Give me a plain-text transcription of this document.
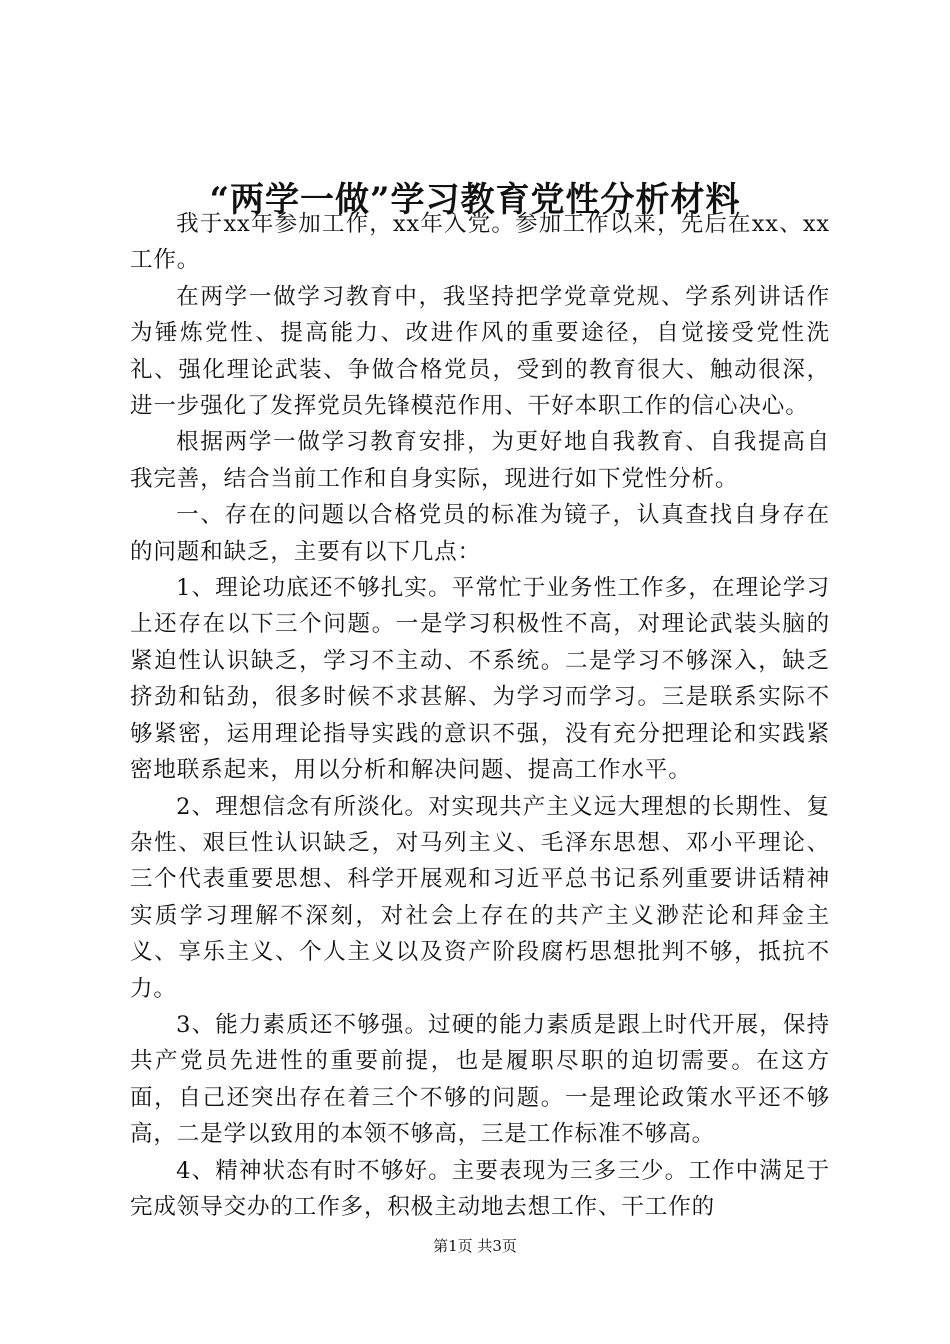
“两学一做”学习教育党性分析材料

我于xx年参加工作，xx年入党。参加工作以来，先后在xx、xx工作。

在两学一做学习教育中，我坚持把学党章党规、学系列讲话作为锤炼党性、提高能力、改进作风的重要途径，自觉接受党性洗礼、强化理论武装、争做合格党员，受到的教育很大、触动很深，进一步强化了发挥党员先锋模范作用、干好本职工作的信心决心。

根据两学一做学习教育安排，为更好地自我教育、自我提高自我完善，结合当前工作和自身实际，现进行如下党性分析。

一、存在的问题以合格党员的标准为镜子，认真查找自身存在的问题和缺乏，主要有以下几点：

1、理论功底还不够扎实。平常忙于业务性工作多，在理论学习上还存在以下三个问题。一是学习积极性不高，对理论武装头脑的紧迫性认识缺乏，学习不主动、不系统。二是学习不够深入，缺乏挤劲和钻劲，很多时候不求甚解、为学习而学习。三是联系实际不够紧密，运用理论指导实践的意识不强，没有充分把理论和实践紧密地联系起来，用以分析和解决问题、提高工作水平。

2、理想信念有所淡化。对实现共产主义远大理想的长期性、复杂性、艰巨性认识缺乏，对马列主义、毛泽东思想、邓小平理论、三个代表重要思想、科学开展观和习近平总书记系列重要讲话精神实质学习理解不深刻，对社会上存在的共产主义渺茫论和拜金主义、享乐主义、个人主义以及资产阶段腐朽思想批判不够，抵抗不力。

3、能力素质还不够强。过硬的能力素质是跟上时代开展，保持共产党员先进性的重要前提，也是履职尽职的迫切需要。在这方面，自己还突出存在着三个不够的问题。一是理论政策水平还不够高，二是学以致用的本领不够高，三是工作标准不够高。

4、精神状态有时不够好。主要表现为三多三少。工作中满足于完成领导交办的工作多，积极主动地去想工作、干工作的

第1页 共3页
